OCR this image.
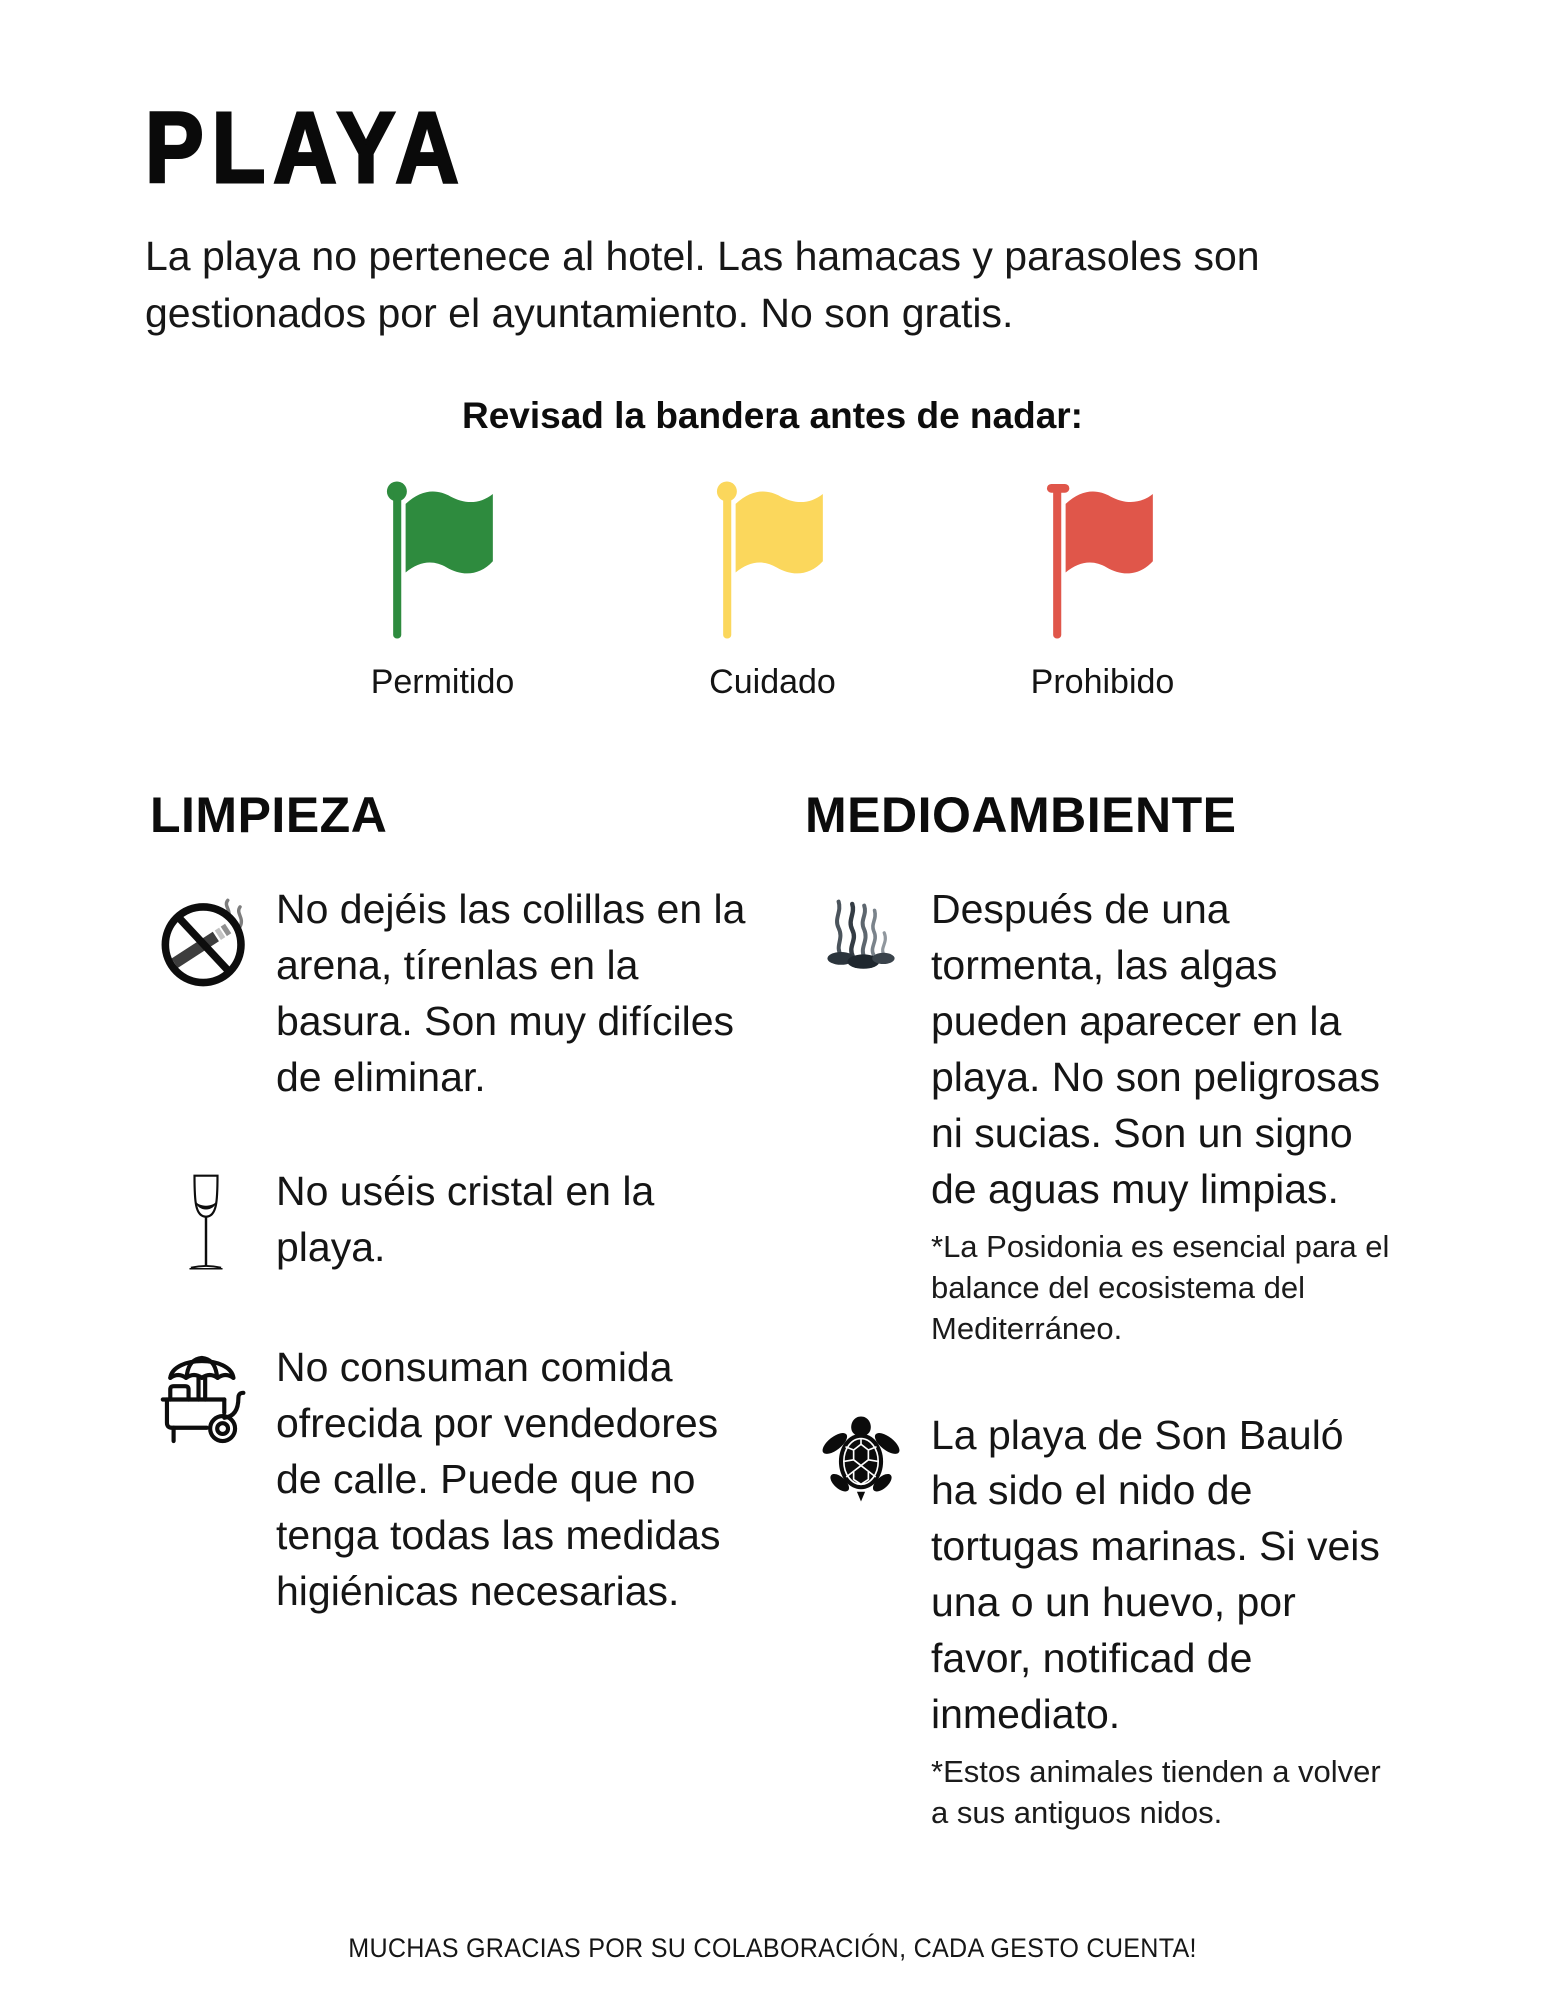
PLAYA

La playa no pertenece al hotel. Las hamacas y parasoles son gestionados por el ayuntamiento. No son gratis.

Revisad la bandera antes de nadar:
Permitido	Cuidado	Prohibido
LIMPIEZA
No dejéis las colillas en la arena, tírenlas en la basura. Son muy difíciles de eliminar.
No uséis cristal en la playa.
No consuman comida ofrecida por vendedores de calle. Puede que no tenga todas las medidas higiénicas necesarias.
MEDIOAMBIENTE
Después de una tormenta, las algas pueden aparecer en la playa. No son peligrosas ni sucias. Son un signo de aguas muy limpias.
*La Posidonia es esencial para el balance del ecosistema del Mediterráneo.
La playa de Son Bauló ha sido el nido de tortugas marinas. Si veis una o un huevo, por favor, notificad de inmediato.
*Estos animales tienden a volver a sus antiguos nidos.
MUCHAS GRACIAS POR SU COLABORACIÓN, CADA GESTO CUENTA!
